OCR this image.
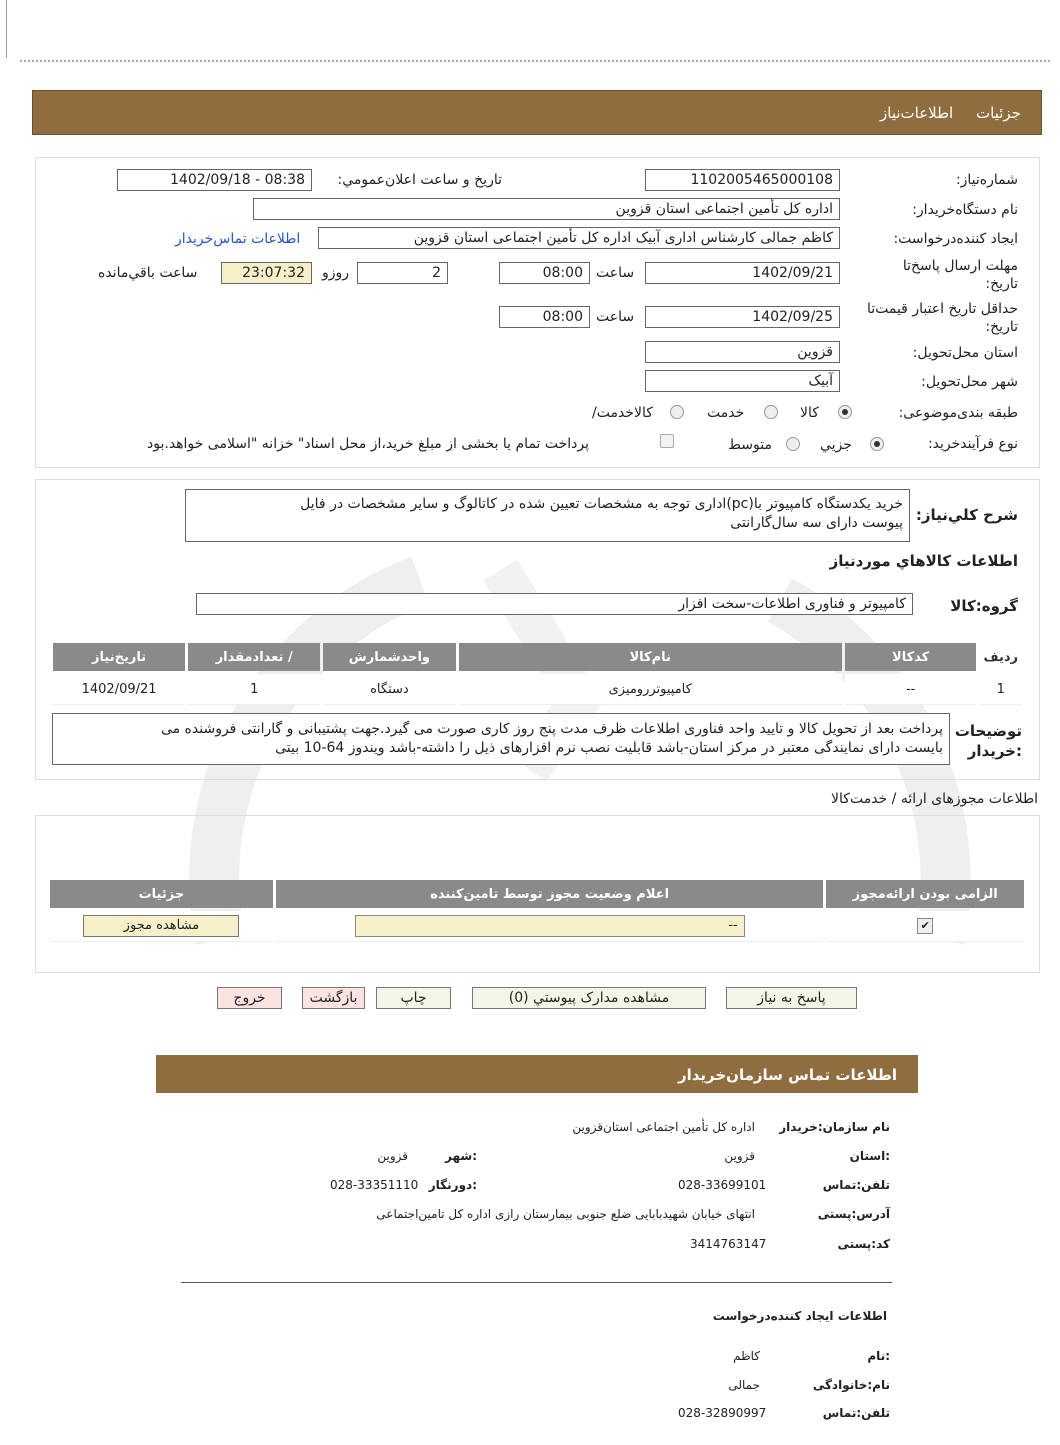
جزئیات
اطلاعات‌نیاز
شماره‌نیاز:
1102005465000108
تاریخ و ساعت اعلان‌عمومي:
1402/09/18 - 08:38
نام دستگاه‌خریدار:
اداره کل تأمین اجتماعی استان قزوین
ایجاد کننده‌درخواست:
کاظم جمالی کارشناس اداری آبیک اداره کل تأمین اجتماعی استان قزوین
اطلاعات تماس‌خریدار
مهلت ارسال پاسخ‌تا
تاریخ:
1402/09/21
ساعت
08:00
2
روزو
23:07:32
ساعت باقي‌مانده
حداقل تاریخ اعتبار قیمت‌تا
تاریخ:
1402/09/25
ساعت
08:00
استان محل‌تحویل:
قزوین
شهر محل‌تحویل:
آبیک
طبقه بندی‌موضوعی:
کالا
خدمت
کالا‌خدمت/
نوع فرآیند‌خرید:
جزيي
متوسط
پرداخت تمام یا بخشی از مبلغ خرید،از محل اسناد" خزانه "اسلامی خواهد‌.بود
شرح کلي‌نياز:
خرید یکدستگاه کامپیوتر با(pc)اداری توجه به مشخصات تعیین شده در کاتالوگ و سایر مشخصات در فایل
پیوست دارای سه سال‌گارانتی
اطلاعات کالاهاي موردنياز
گروه‌:کالا
کامپیوتر و فناوری اطلاعات-سخت افزار
ردیف	کدکالا	نام‌کالا	واحدشمارش	/ تعدادمقدار	تاریخ‌نیاز
1	--	کامپیوتررومیزی	دستگاه	1	1402/09/21
توضيحات
:خريدار
پرداخت بعد از تحویل کالا و تایید واحد فناوری اطلاعات ظرف مدت پنج روز کاری صورت می گیرد.جهت پشتیبانی و گارانتی فروشنده می
بایست دارای نمایندگی معتبر در مرکز استان-باشد قابلیت نصب نرم افزارهای ذیل را داشته-باشد ویندوز 64-10 بیتی
اطلاعات مجوزهای ارائه / خدمت‌کالا
الزامی بودن ارائه‌مجوز	اعلام وضعیت مجوز توسط تامین‌کننده	جزئیات
✔	--	مشاهده مجوز
پاسخ به نیاز
مشاهده مدارک پیوستي (0)
چاپ
بازگشت
خروج
اطلاعات تماس سازمان‌خریدار
نام سازمان‌:خریدار
اداره کل تأمین اجتماعی استان‌قزوین
:استان
قزوین
:شهر
قزوین
تلفن‌:تماس
028-33699101
:دورنگار
028-33351110
آدرس‌:پستی
انتهای خیابان شهیدبابایی ضلع جنوبی بیمارستان رازی اداره کل تامین‌اجتماعی
کد‌:پستی
3414763147
اطلاعات ایجاد کننده‌درخواست
:نام
کاظم
نام‌:خانوادگی
جمالی
تلفن‌:تماس
028-32890997
